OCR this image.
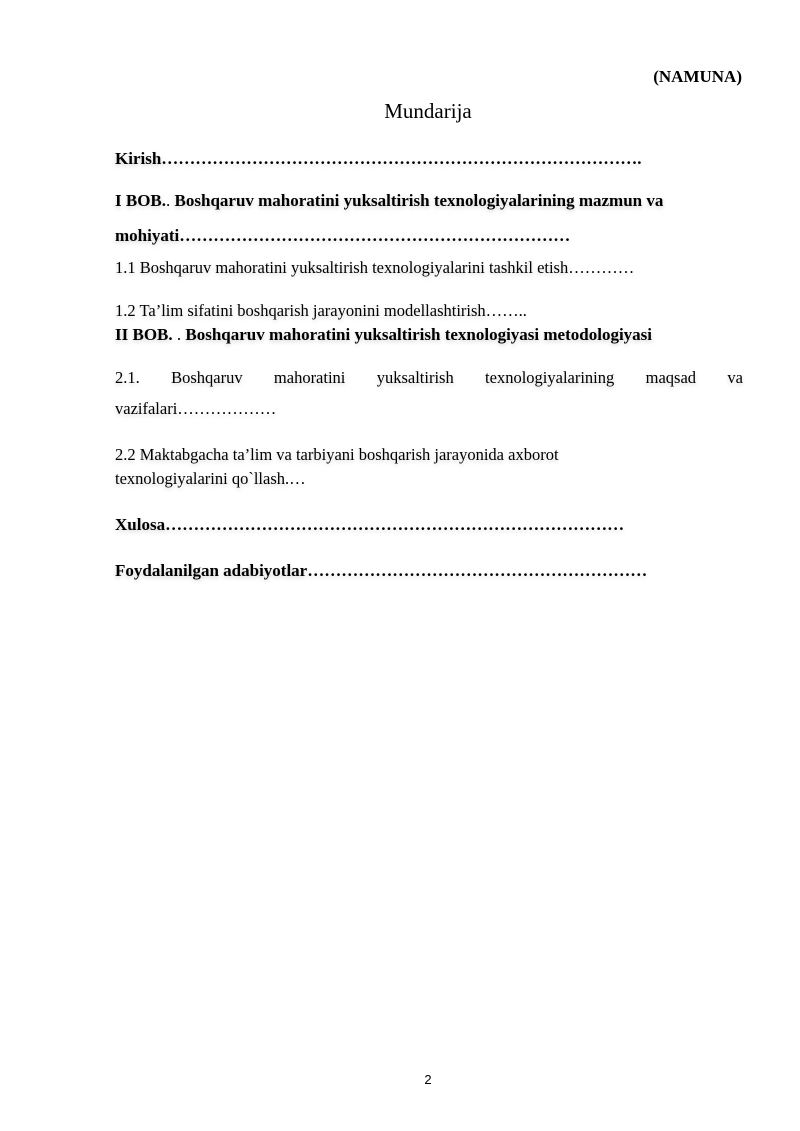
(NAMUNA)
Mundarija
Kirish………………………………………………………………………….
I BOB.. Boshqaruv mahoratini yuksaltirish texnologiyalarining mazmun va
mohiyati……………………………………………………………
1.1 Boshqaruv mahoratini yuksaltirish texnologiyalarini tashkil etish…………
1.2 Ta’lim sifatini boshqarish jarayonini modellashtirish……..
II BOB. . Boshqaruv mahoratini yuksaltirish texnologiyasi metodologiyasi
2.1. Boshqaruv mahoratini yuksaltirish texnologiyalarining maqsad va
vazifalari………………
2.2 Maktabgacha ta’lim va tarbiyani boshqarish jarayonida axborot
texnologiyalarini qo`llash.…
Xulosa………………………………………………………………………
Foydalanilgan adabiyotlar……………………………………………………
2
